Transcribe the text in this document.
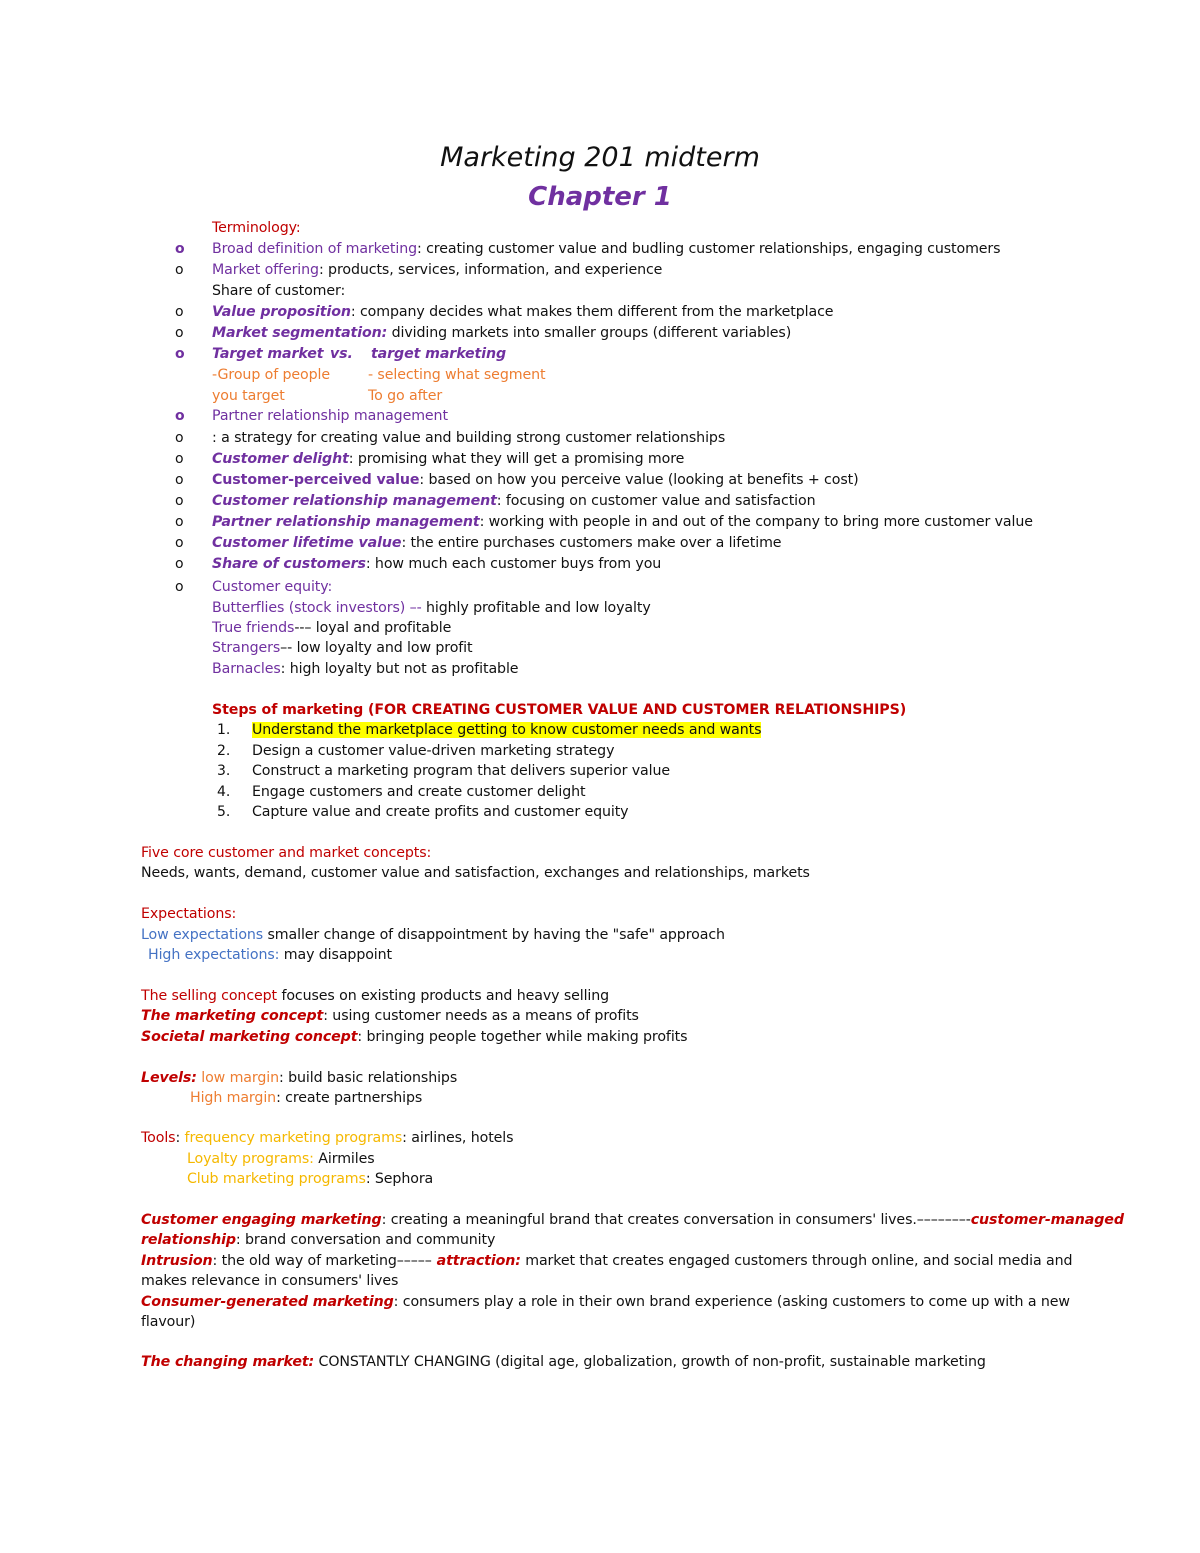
Marketing 201 midterm
Chapter 1
Terminology:
o
o
o
o
o
o
o
o
o
o
o
o
o
o
Broad definition of marketing: creating customer value and budling customer relationships, engaging customers
Market offering: products, services, information, and experience
Share of customer:
Value proposition: company decides what makes them different from the marketplace
Market segmentation: dividing markets into smaller groups (different variables)
Target market vs. target marketing
-Group of people	- selecting what segment
you target	To go after
Partner relationship management
: a strategy for creating value and building strong customer relationships
Customer delight: promising what they will get a promising more
Customer-perceived value: based on how you perceive value (looking at benefits + cost)
Customer relationship management: focusing on customer value and satisfaction
Partner relationship management: working with people in and out of the company to bring more customer value
Customer lifetime value: the entire purchases customers make over a lifetime
Share of customers: how much each customer buys from you
Customer equity:
Butterflies (stock investors) –- highly profitable and low loyalty
True friends--– loyal and profitable
Strangers–- low loyalty and low profit
Barnacles: high loyalty but not as profitable
Steps of marketing (FOR CREATING CUSTOMER VALUE AND CUSTOMER RELATIONSHIPS)
1. Understand the marketplace getting to know customer needs and wants
2. Design a customer value-driven marketing strategy
3. Construct a marketing program that delivers superior value
4. Engage customers and create customer delight
5. Capture value and create profits and customer equity
Five core customer and market concepts:
Needs, wants, demand, customer value and satisfaction, exchanges and relationships, markets
Expectations:
Low expectations smaller change of disappointment by having the "safe" approach
High expectations: may disappoint
The selling concept focuses on existing products and heavy selling
The marketing concept: using customer needs as a means of profits
Societal marketing concept: bringing people together while making profits
Levels: low margin: build basic relationships
High margin: create partnerships
Tools: frequency marketing programs: airlines, hotels
Loyalty programs: Airmiles
Club marketing programs: Sephora
Customer engaging marketing: creating a meaningful brand that creates conversation in consumers' lives.–––––––-customer-managed
relationship: brand conversation and community
Intrusion: the old way of marketing––––– attraction: market that creates engaged customers through online, and social media and
makes relevance in consumers' lives
Consumer-generated marketing: consumers play a role in their own brand experience (asking customers to come up with a new
flavour)
The changing market: CONSTANTLY CHANGING (digital age, globalization, growth of non-profit, sustainable marketing
